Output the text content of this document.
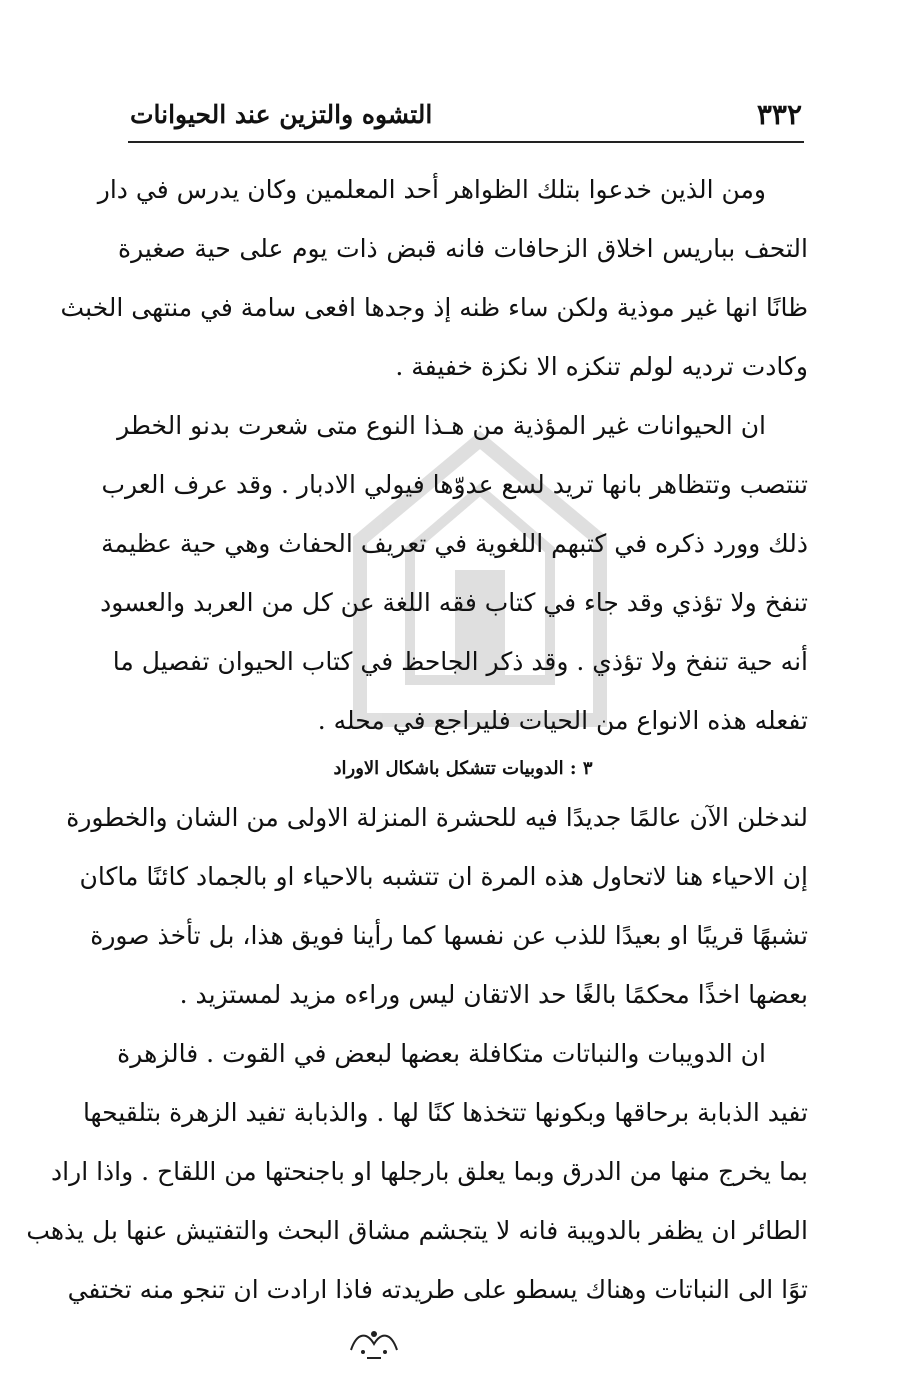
٣٣٢
التشوه والتزين عند الحيوانات
ومن الذين خدعوا بتلك الظواهر أحد المعلمين وكان يدرس في دار
التحف بباريس اخلاق الزحافات فانه قبض ذات يوم على حية صغيرة
ظانًا انها غير موذية ولكن ساء ظنه إذ وجدها افعى سامة في منتهى الخبث
وكادت ترديه لولم تنكزه الا نكزة خفيفة .
ان الحيوانات غير المؤذية من هـذا النوع متى شعرت بدنو الخطر
تنتصب وتتظاهر بانها تريد لسع عدوّها فيولي الادبار . وقد عرف العرب
ذلك وورد ذكره في كتبهم اللغوية في تعريف الحفاث وهي حية عظيمة
تنفخ ولا تؤذي وقد جاء في كتاب فقه اللغة عن كل من العربد والعسود
أنه حية تنفخ ولا تؤذي . وقد ذكر الجاحظ في كتاب الحيوان تفصيل ما
تفعله هذه الانواع من الحيات فليراجع في محله .
٣ : الدوبيات تتشكل باشكال الاوراد
لندخلن الآن عالمًا جديدًا فيه للحشرة المنزلة الاولى من الشان والخطورة
إن الاحياء هنا لاتحاول هذه المرة ان تتشبه بالاحياء او بالجماد كائنًا ماكان
تشبهًا قريبًا او بعيدًا للذب عن نفسها كما رأينا فويق هذا، بل تأخذ صورة
بعضها اخذًا محكمًا بالغًا حد الاتقان ليس وراءه مزيد لمستزيد .
ان الدويبات والنباتات متكافلة بعضها لبعض في القوت . فالزهرة
تفيد الذبابة برحاقها وبكونها تتخذها كنًا لها . والذبابة تفيد الزهرة بتلقيحها
بما يخرج منها من الدرق وبما يعلق بارجلها او باجنحتها من اللقاح . واذا اراد
الطائر ان يظفر بالدويبة فانه لا يتجشم مشاق البحث والتفتيش عنها بل يذهب
توًا الى النباتات وهناك يسطو على طريدته فاذا ارادت ان تنجو منه تختفي
